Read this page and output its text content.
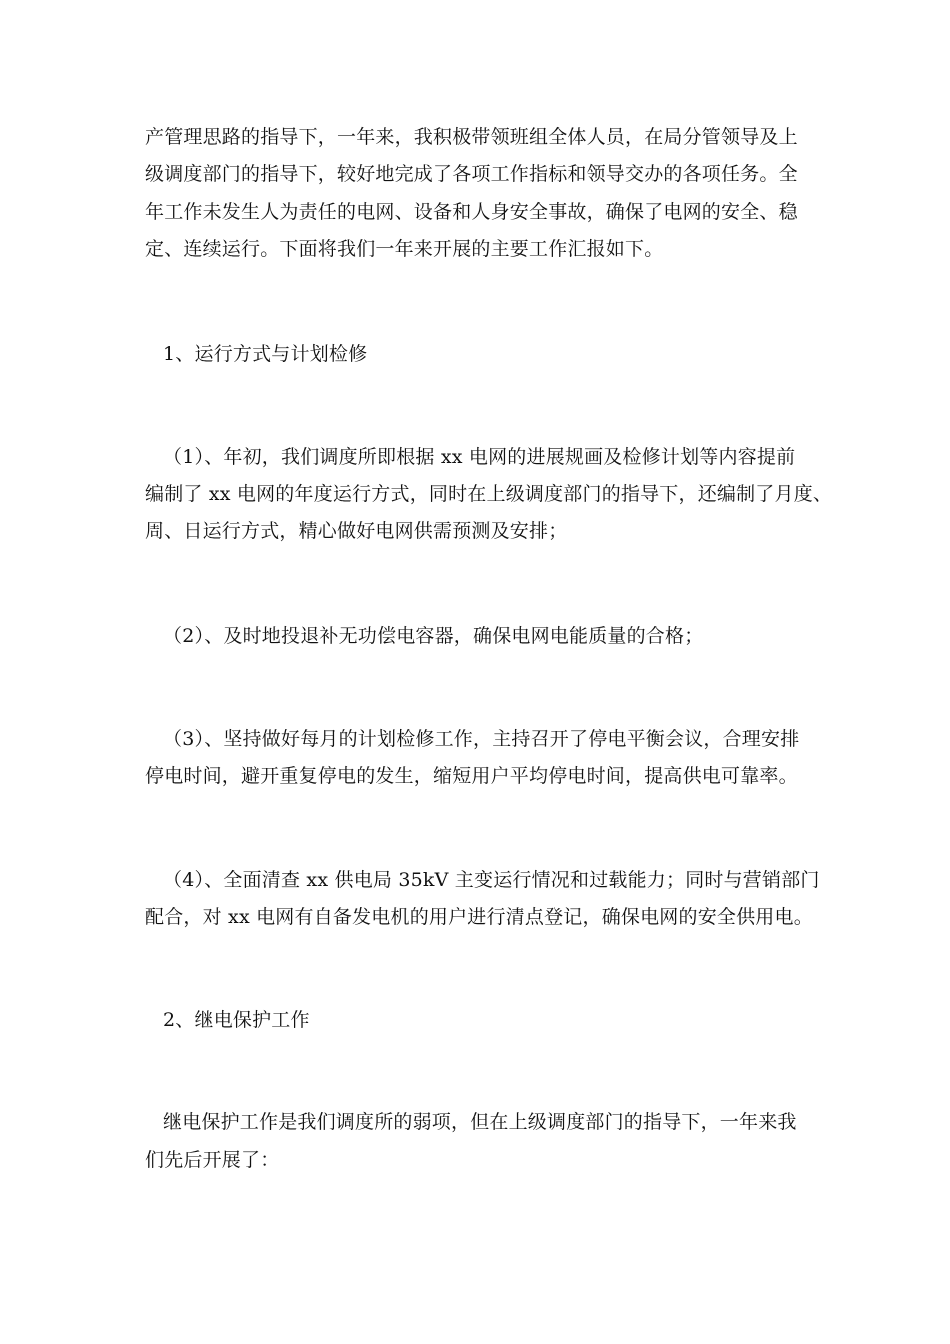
产管理思路的指导下，一年来，我积极带领班组全体人员，在局分管领导及上
级调度部门的指导下，较好地完成了各项工作指标和领导交办的各项任务。全
年工作未发生人为责任的电网、设备和人身安全事故，确保了电网的安全、稳
定、连续运行。下面将我们一年来开展的主要工作汇报如下。
1、运行方式与计划检修
（1）、年初，我们调度所即根据 xx 电网的进展规画及检修计划等内容提前
编制了 xx 电网的年度运行方式，同时在上级调度部门的指导下，还编制了月度、
周、日运行方式，精心做好电网供需预测及安排；
（2）、及时地投退补无功偿电容器，确保电网电能质量的合格；
（3）、坚持做好每月的计划检修工作，主持召开了停电平衡会议，合理安排
停电时间，避开重复停电的发生，缩短用户平均停电时间，提高供电可靠率。
（4）、全面清查 xx 供电局 35kV 主变运行情况和过载能力；同时与营销部门
配合，对 xx 电网有自备发电机的用户进行清点登记，确保电网的安全供用电。
2、继电保护工作
继电保护工作是我们调度所的弱项，但在上级调度部门的指导下，一年来我
们先后开展了：
